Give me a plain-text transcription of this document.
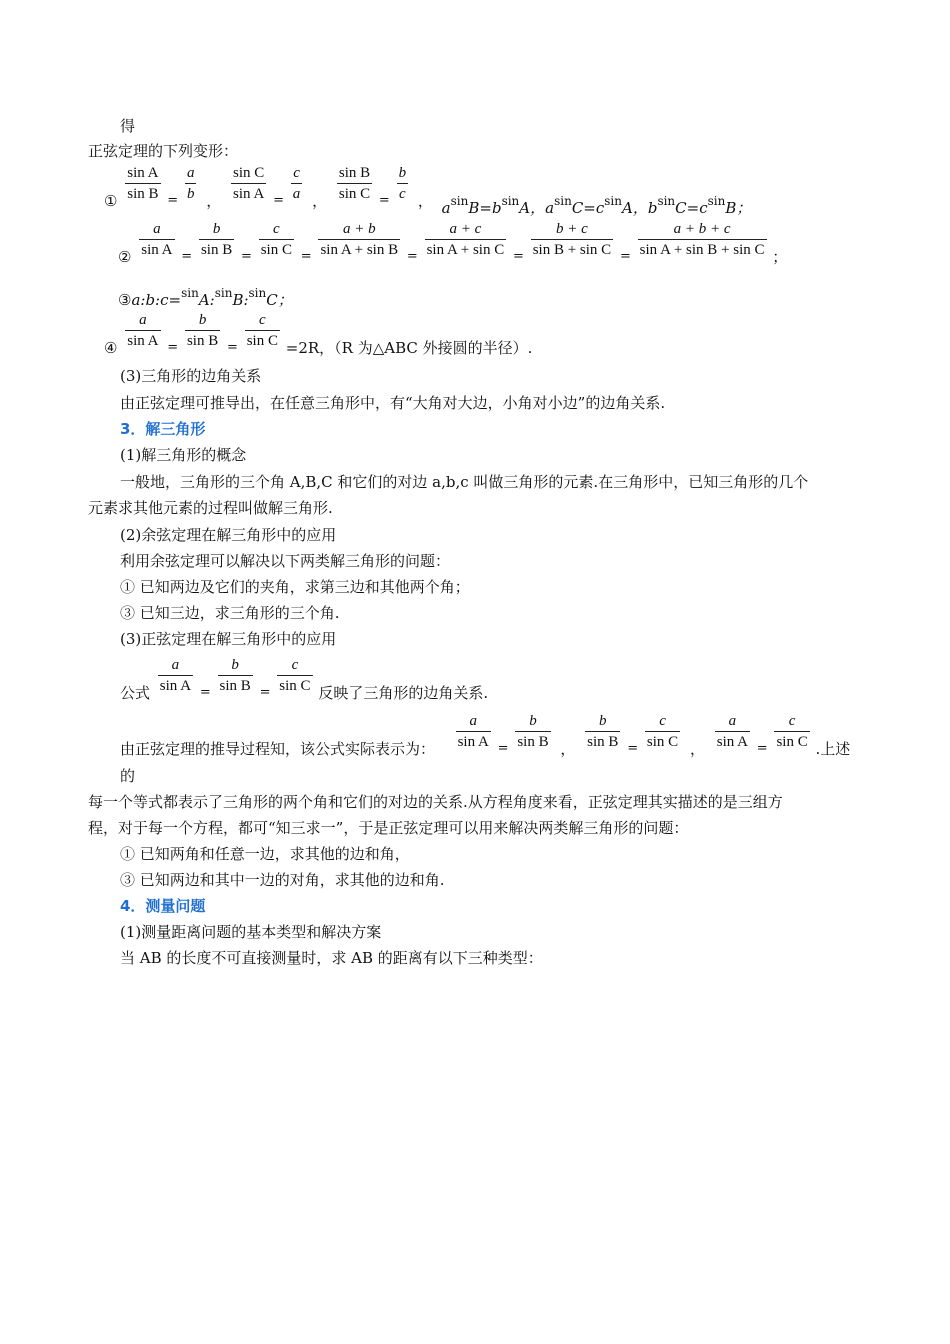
得
正弦定理的下列变形：
① $\frac{\text{sin A}}{\text{sin B}} = \frac{a}{b}$ ， $\frac{\text{sin C}}{\text{sin A}} = \frac{c}{a}$ ， $\frac{\text{sin B}}{\text{sin C}} = \frac{b}{c}$ ， $a^{sin}B=b^{sin}A$，$a^{sin}C=c^{sin}A$，$b^{sin}C=c^{sin}B$；
② $\frac{a}{\text{sin A}} = \frac{b}{\text{sin B}} = \frac{c}{\text{sin C}} = \frac{a + b}{\text{sin A + sin B}} = \frac{a + c}{\text{sin A + sin C}} = \frac{b + c}{\text{sin B + sin C}} = \frac{a + b + c}{\text{sin A + sin B + sin C}}$ ；
③a:b:c=$^{sin}$A:$^{sin}$B:$^{sin}$C；
④ $\frac{a}{\text{sin A}} = \frac{b}{\text{sin B}} = \frac{c}{\text{sin C}} =2R$，（R 为△ABC 外接圆的半径）.
(3)三角形的边角关系
由正弦定理可推导出，在任意三角形中，有“大角对大边，小角对小边”的边角关系.
3．解三角形
(1)解三角形的概念
一般地，三角形的三个角 A,B,C 和它们的对边 a,b,c 叫做三角形的元素.在三角形中，已知三角形的几个
元素求其他元素的过程叫做解三角形.
(2)余弦定理在解三角形中的应用
利用余弦定理可以解决以下两类解三角形的问题：
① 已知两边及它们的夹角，求第三边和其他两个角；
③ 已知三边，求三角形的三个角.
(3)正弦定理在解三角形中的应用
公式 $\frac{a}{\text{sin A}} = \frac{b}{\text{sin B}} = \frac{c}{\text{sin C}}$ 反映了三角形的边角关系.
由正弦定理的推导过程知，该公式实际表示为： $\frac{a}{\text{sin A}} = \frac{b}{\text{sin B}}$ ， $\frac{b}{\text{sin B}} = \frac{c}{\text{sin C}}$ ， $\frac{a}{\text{sin A}} = \frac{c}{\text{sin C}}$ .上述
的
每一个等式都表示了三角形的两个角和它们的对边的关系.从方程角度来看，正弦定理其实描述的是三组方
程，对于每一个方程，都可“知三求一”，于是正弦定理可以用来解决两类解三角形的问题：
① 已知两角和任意一边，求其他的边和角，
③ 已知两边和其中一边的对角，求其他的边和角.
4．测量问题
(1)测量距离问题的基本类型和解决方案
当 AB 的长度不可直接测量时，求 AB 的距离有以下三种类型：
